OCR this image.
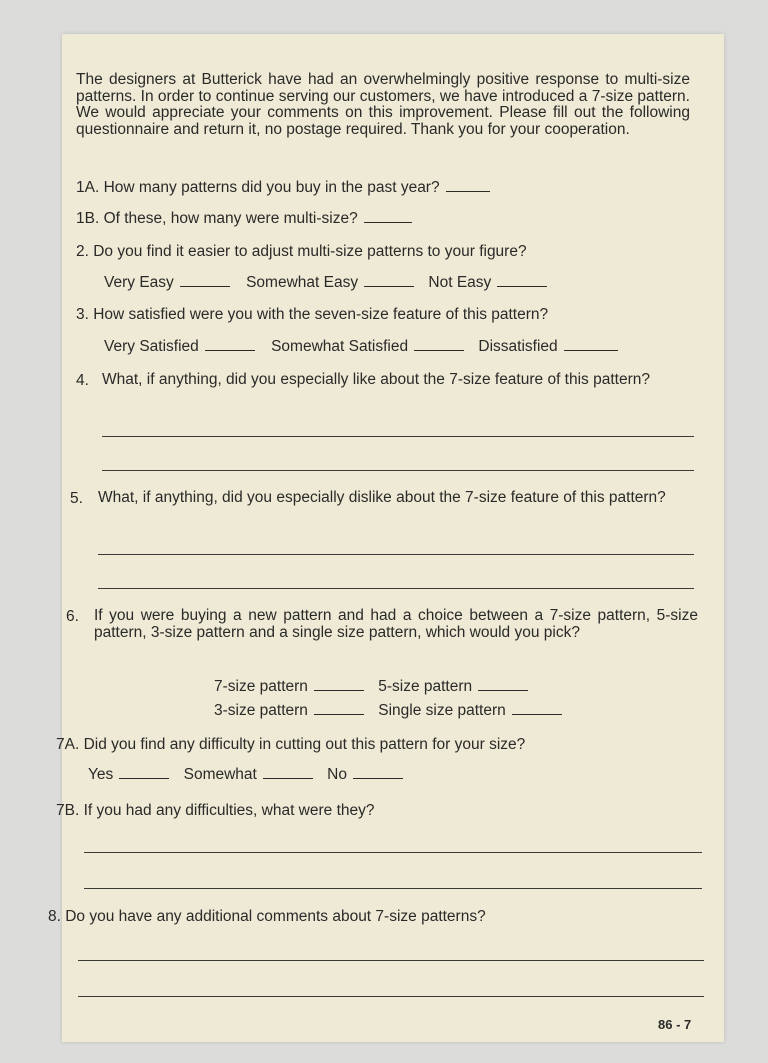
The designers at Butterick have had an overwhelmingly positive response to multi-size patterns. In order to continue serving our customers, we have introduced a 7-size pattern. We would appreciate your comments on this improvement. Please fill out the following questionnaire and return it, no postage required. Thank you for your cooperation.
1A. How many patterns did you buy in the past year?
1B. Of these, how many were multi-size?
2. Do you find it easier to adjust multi-size patterns to your figure?
Very Easy	Somewhat Easy	Not Easy
3. How satisfied were you with the seven-size feature of this pattern?
Very Satisfied	Somewhat Satisfied	Dissatisfied
4. What, if anything, did you especially like about the 7-size feature of this pattern?
5. What, if anything, did you especially dislike about the 7-size feature of this pattern?
6. If you were buying a new pattern and had a choice between a 7-size pattern, 5-size pattern, 3-size pattern and a single size pattern, which would you pick?
7-size pattern	5-size pattern
3-size pattern	Single size pattern
7A. Did you find any difficulty in cutting out this pattern for your size?
Yes	Somewhat	No
7B. If you had any difficulties, what were they?
8. Do you have any additional comments about 7-size patterns?
86 - 7
